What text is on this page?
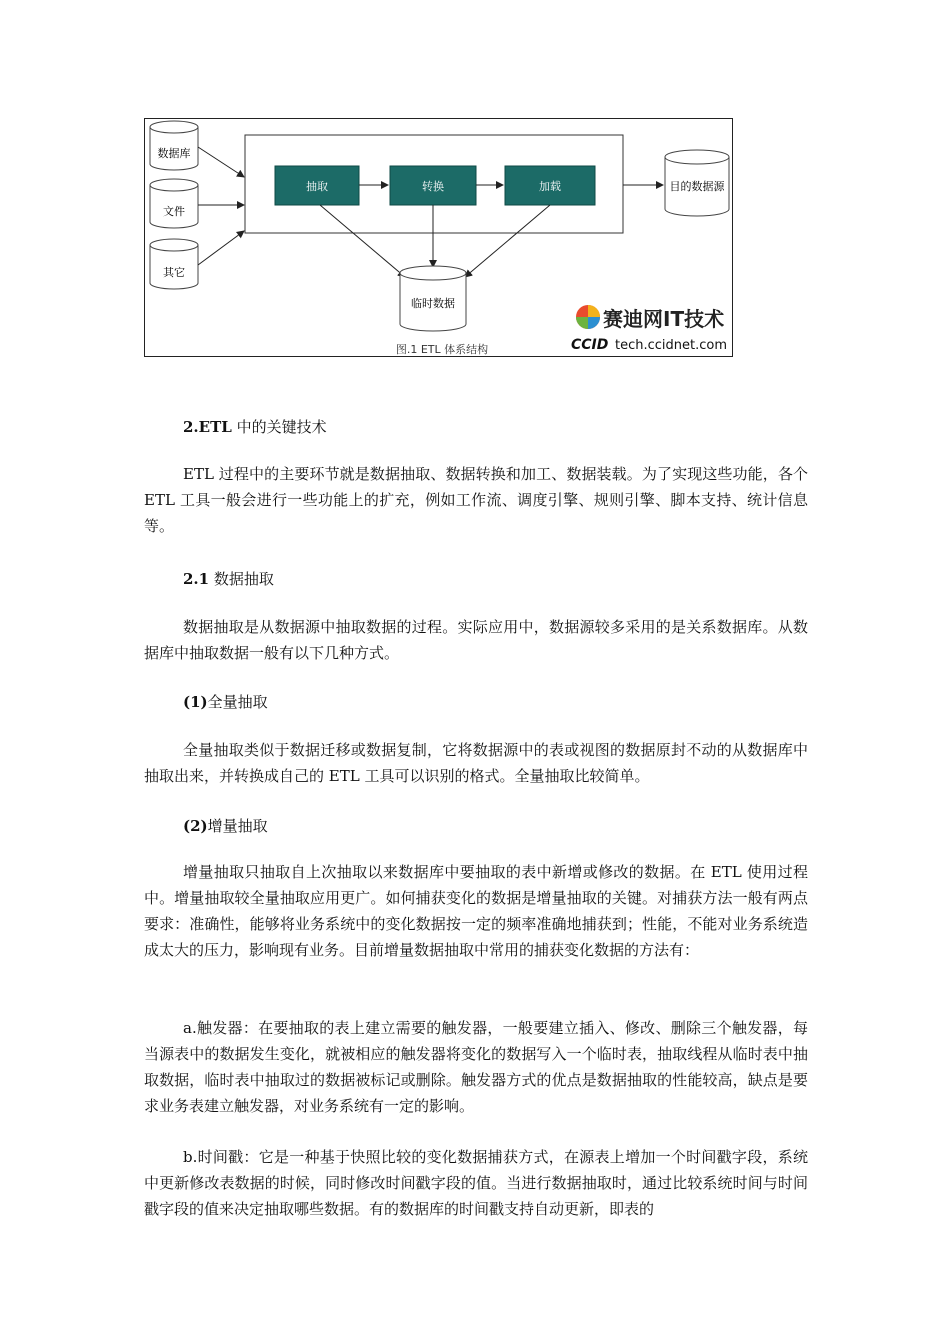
数据库
文件
其它
抽取	转换	加载	目的数据源
临时数据
图.1 ETL 体系结构
赛迪网IT技术
CCID tech.ccidnet.com
2.ETL 中的关键技术
ETL 过程中的主要环节就是数据抽取、数据转换和加工、数据装载。为了实现这些功能，各个 ETL 工具一般会进行一些功能上的扩充，例如工作流、调度引擎、规则引擎、脚本支持、统计信息等。
2.1 数据抽取
数据抽取是从数据源中抽取数据的过程。实际应用中，数据源较多采用的是关系数据库。从数据库中抽取数据一般有以下几种方式。
(1)全量抽取
全量抽取类似于数据迁移或数据复制，它将数据源中的表或视图的数据原封不动的从数据库中抽取出来，并转换成自己的 ETL 工具可以识别的格式。全量抽取比较简单。
(2)增量抽取
增量抽取只抽取自上次抽取以来数据库中要抽取的表中新增或修改的数据。在 ETL 使用过程中。增量抽取较全量抽取应用更广。如何捕获变化的数据是增量抽取的关键。对捕获方法一般有两点要求：准确性，能够将业务系统中的变化数据按一定的频率准确地捕获到；性能，不能对业务系统造成太大的压力，影响现有业务。目前增量数据抽取中常用的捕获变化数据的方法有：
a.触发器：在要抽取的表上建立需要的触发器，一般要建立插入、修改、删除三个触发器，每当源表中的数据发生变化，就被相应的触发器将变化的数据写入一个临时表，抽取线程从临时表中抽取数据，临时表中抽取过的数据被标记或删除。触发器方式的优点是数据抽取的性能较高，缺点是要求业务表建立触发器，对业务系统有一定的影响。
b.时间戳：它是一种基于快照比较的变化数据捕获方式，在源表上增加一个时间戳字段，系统中更新修改表数据的时候，同时修改时间戳字段的值。当进行数据抽取时，通过比较系统时间与时间戳字段的值来决定抽取哪些数据。有的数据库的时间戳支持自动更新，即表的
